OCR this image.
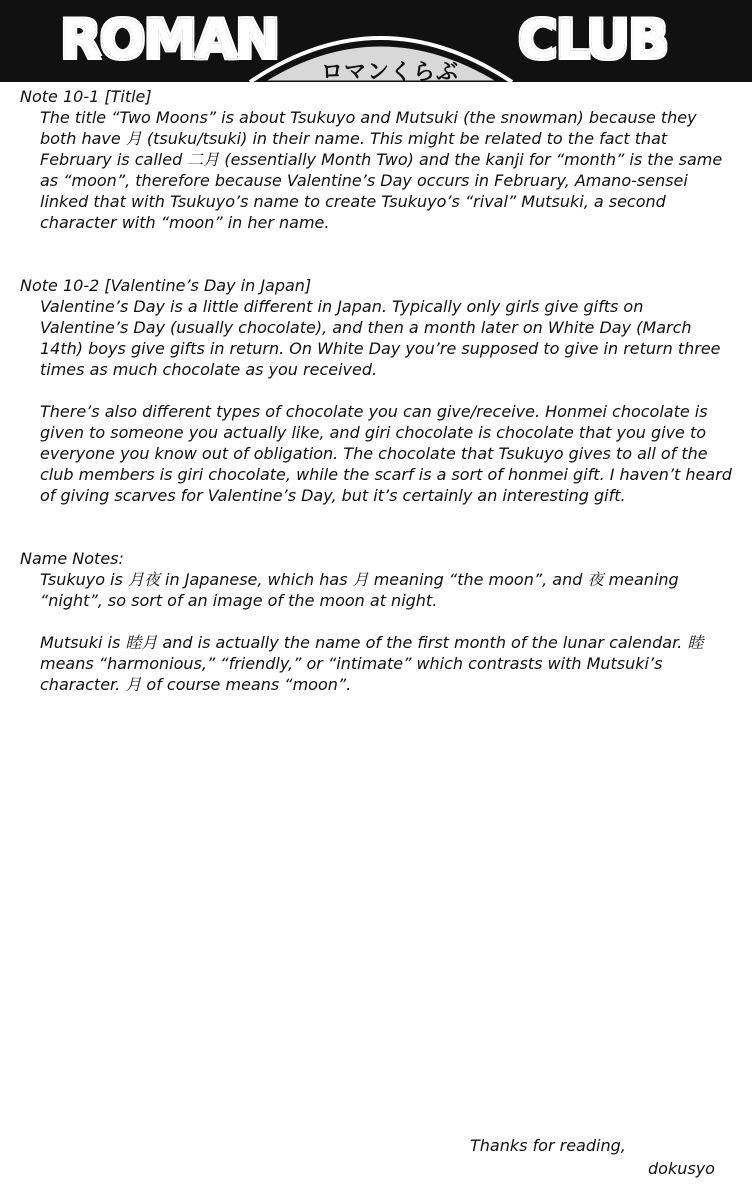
ROMAN	CLUB
ロマンくらぶ

Note 10-1 [Title]

The title “Two Moons” is about Tsukuyo and Mutsuki (the snowman) because they both have 月 (tsuku/tsuki) in their name. This might be related to the fact that February is called 二月 (essentially Month Two) and the kanji for “month” is the same as “moon”, therefore because Valentine’s Day occurs in February, Amano-sensei linked that with Tsukuyo’s name to create Tsukuyo’s “rival” Mutsuki, a second character with “moon” in her name.

Note 10-2 [Valentine’s Day in Japan]

Valentine’s Day is a little different in Japan. Typically only girls give gifts on Valentine’s Day (usually chocolate), and then a month later on White Day (March 14th) boys give gifts in return. On White Day you’re supposed to give in return three times as much chocolate as you received.

There’s also different types of chocolate you can give/receive. Honmei chocolate is given to someone you actually like, and giri chocolate is chocolate that you give to everyone you know out of obligation. The chocolate that Tsukuyo gives to all of the club members is giri chocolate, while the scarf is a sort of honmei gift. I haven’t heard of giving scarves for Valentine’s Day, but it’s certainly an interesting gift.

Name Notes:

Tsukuyo is 月夜 in Japanese, which has 月 meaning “the moon”, and 夜 meaning “night”, so sort of an image of the moon at night.

Mutsuki is 睦月 and is actually the name of the first month of the lunar calendar. 睦 means “harmonious,” “friendly,” or “intimate” which contrasts with Mutsuki’s character. 月 of course means “moon”.

Thanks for reading,

dokusyo
